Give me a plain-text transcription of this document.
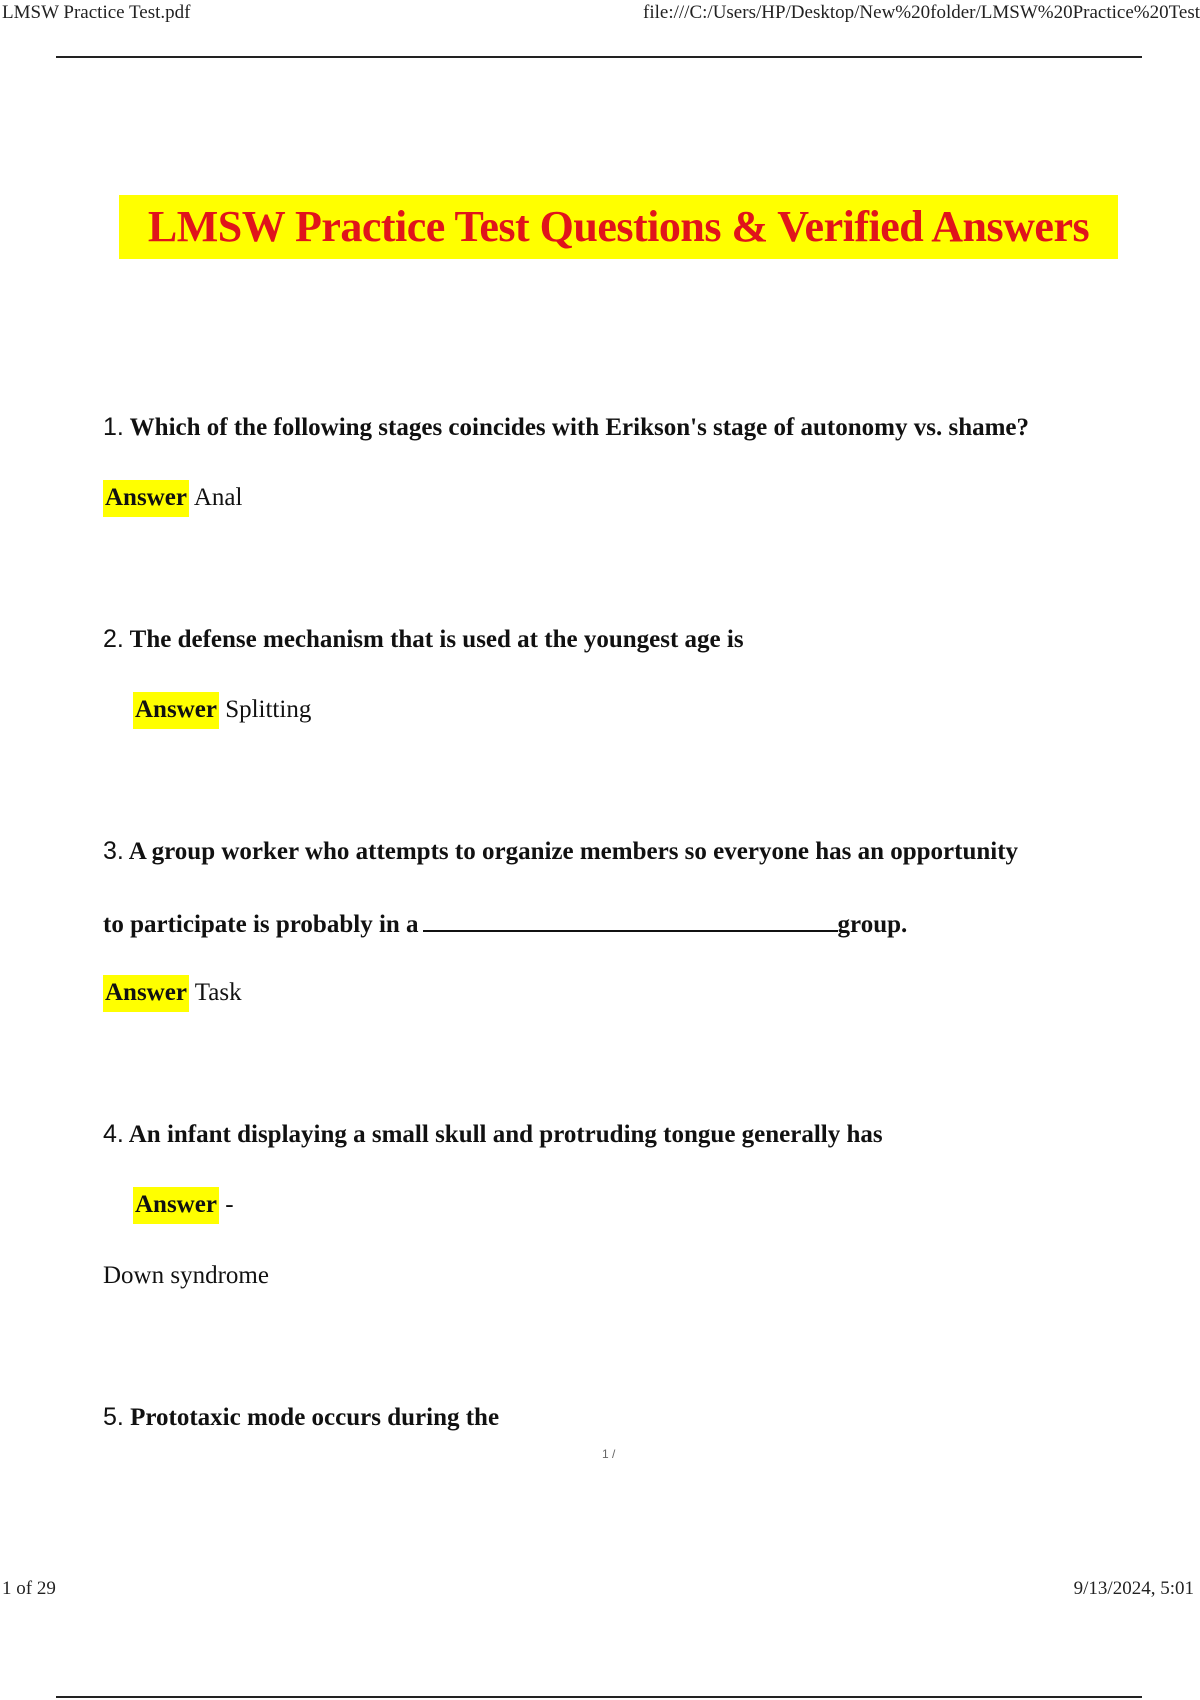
LMSW Practice Test.pdf	file:///C:/Users/HP/Desktop/New%20folder/LMSW%20Practice%20Test
LMSW Practice Test Questions & Verified Answers
1. Which of the following stages coincides with Erikson's stage of autonomy vs. shame?
Answer Anal
2. The defense mechanism that is used at the youngest age is
Answer Splitting
3. A group worker who attempts to organize members so everyone has an opportunity
to participate is probably in a	group.
Answer Task
4. An infant displaying a small skull and protruding tongue generally has
Answer -
Down syndrome
5. Prototaxic mode occurs during the
1 /
1 of 29	9/13/2024, 5:01
